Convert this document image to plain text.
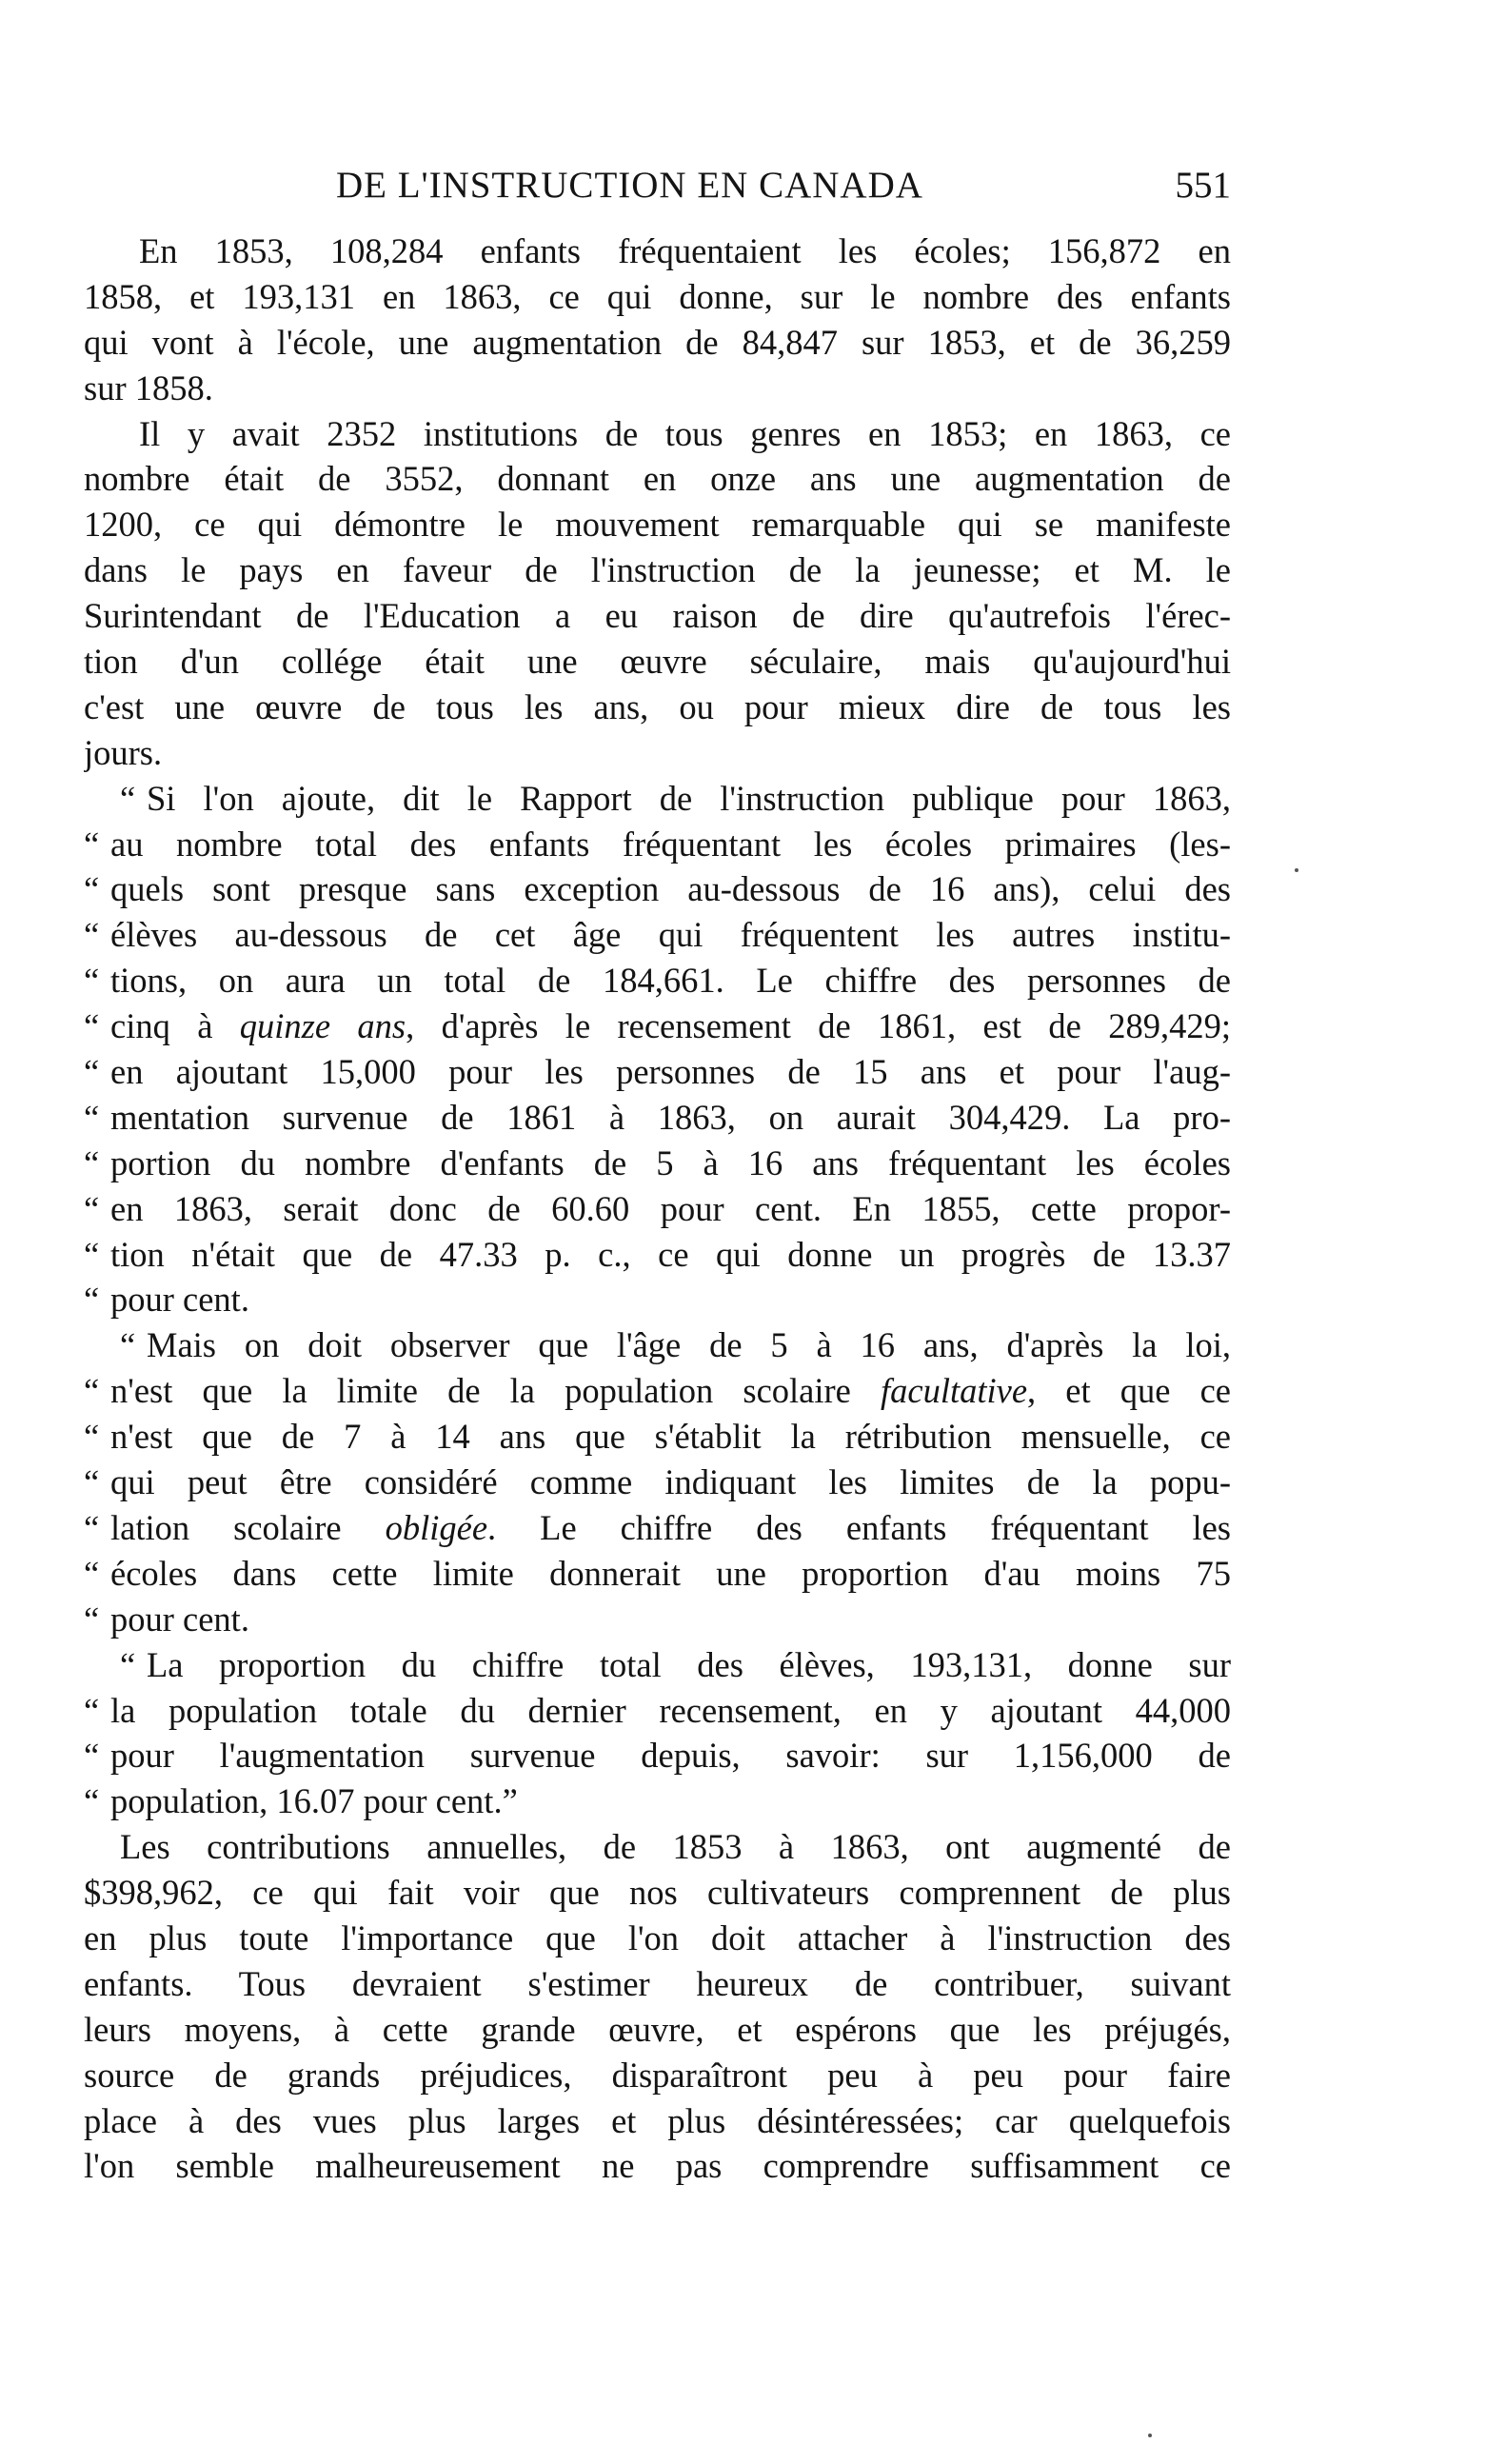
DE L'INSTRUCTION EN CANADA	551
En 1853, 108,284 enfants fréquentaient les écoles; 156,872 en
1858, et 193,131 en 1863, ce qui donne, sur le nombre des enfants
qui vont à l'école, une augmentation de 84,847 sur 1853, et de 36,259
sur 1858.
Il y avait 2352 institutions de tous genres en 1853; en 1863, ce
nombre était de 3552, donnant en onze ans une augmentation de
1200, ce qui démontre le mouvement remarquable qui se manifeste
dans le pays en faveur de l'instruction de la jeunesse; et M. le
Surintendant de l'Education a eu raison de dire qu'autrefois l'érec-
tion d'un collége était une œuvre séculaire, mais qu'aujourd'hui
c'est une œuvre de tous les ans, ou pour mieux dire de tous les
jours.
“ Si l'on ajoute, dit le Rapport de l'instruction publique pour 1863,
“ au nombre total des enfants fréquentant les écoles primaires (les-
“ quels sont presque sans exception au-dessous de 16 ans), celui des
“ élèves au-dessous de cet âge qui fréquentent les autres institu-
“ tions, on aura un total de 184,661. Le chiffre des personnes de
“ cinq à quinze ans, d'après le recensement de 1861, est de 289,429;
“ en ajoutant 15,000 pour les personnes de 15 ans et pour l'aug-
“ mentation survenue de 1861 à 1863, on aurait 304,429. La pro-
“ portion du nombre d'enfants de 5 à 16 ans fréquentant les écoles
“ en 1863, serait donc de 60.60 pour cent. En 1855, cette propor-
“ tion n'était que de 47.33 p. c., ce qui donne un progrès de 13.37
“ pour cent.
“ Mais on doit observer que l'âge de 5 à 16 ans, d'après la loi,
“ n'est que la limite de la population scolaire facultative, et que ce
“ n'est que de 7 à 14 ans que s'établit la rétribution mensuelle, ce
“ qui peut être considéré comme indiquant les limites de la popu-
“ lation scolaire obligée. Le chiffre des enfants fréquentant les
“ écoles dans cette limite donnerait une proportion d'au moins 75
“ pour cent.
“ La proportion du chiffre total des élèves, 193,131, donne sur
“ la population totale du dernier recensement, en y ajoutant 44,000
“ pour l'augmentation survenue depuis, savoir: sur 1,156,000 de
“ population, 16.07 pour cent.”
Les contributions annuelles, de 1853 à 1863, ont augmenté de
$398,962, ce qui fait voir que nos cultivateurs comprennent de plus
en plus toute l'importance que l'on doit attacher à l'instruction des
enfants. Tous devraient s'estimer heureux de contribuer, suivant
leurs moyens, à cette grande œuvre, et espérons que les préjugés,
source de grands préjudices, disparaîtront peu à peu pour faire
place à des vues plus larges et plus désintéressées; car quelquefois
l'on semble malheureusement ne pas comprendre suffisamment ce
